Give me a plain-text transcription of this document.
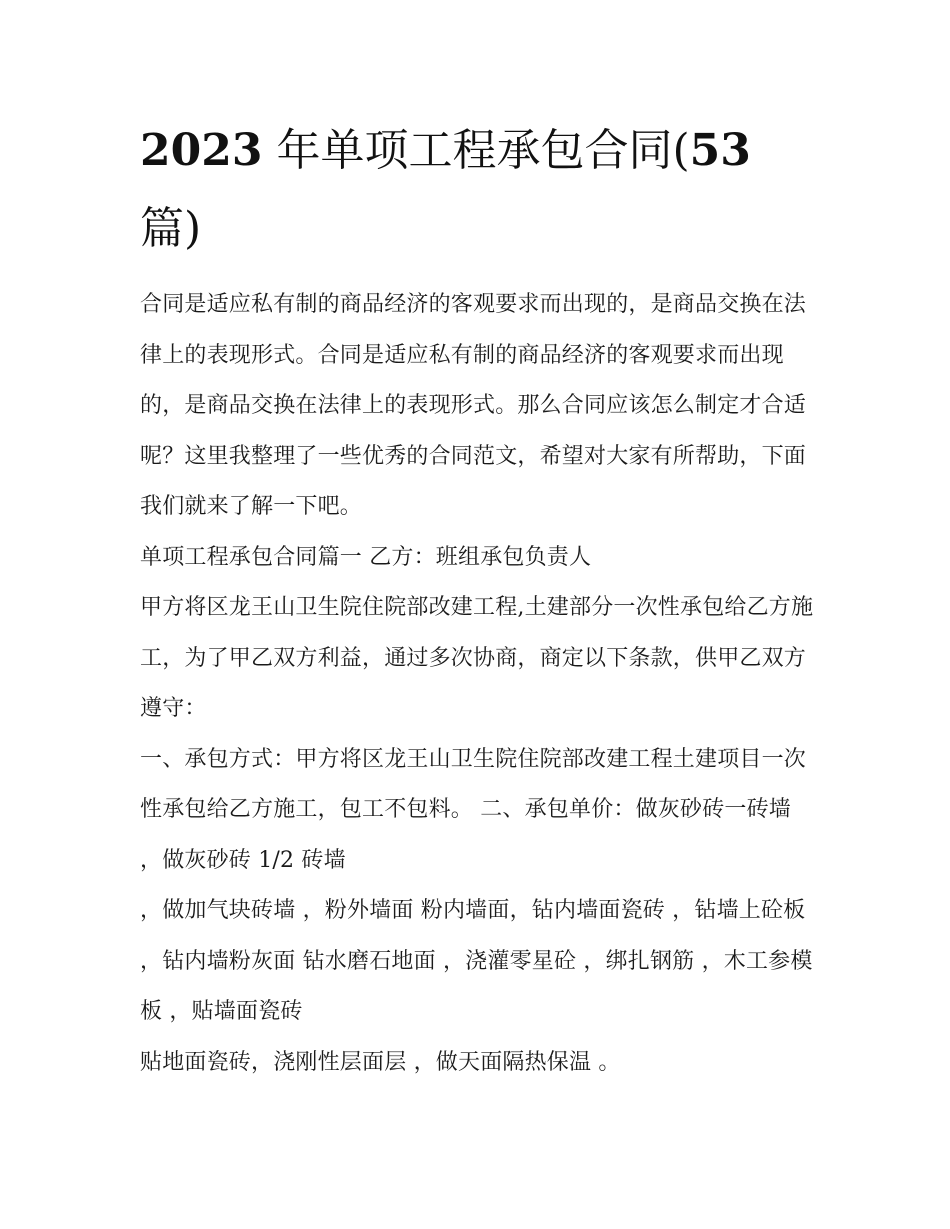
2023 年单项工程承包合同(53
篇)

合同是适应私有制的商品经济的客观要求而出现的，是商品交换在法律上的表现形式。合同是适应私有制的商品经济的客观要求而出现的，是商品交换在法律上的表现形式。那么合同应该怎么制定才合适呢？这里我整理了一些优秀的合同范文，希望对大家有所帮助，下面我们就来了解一下吧。

单项工程承包合同篇一 乙方：班组承包负责人

甲方将区龙王山卫生院住院部改建工程,土建部分一次性承包给乙方施工，为了甲乙双方利益，通过多次协商，商定以下条款，供甲乙双方遵守：

一、承包方式：甲方将区龙王山卫生院住院部改建工程土建项目一次性承包给乙方施工，包工不包料。 二、承包单价：做灰砂砖一砖墙 ，做灰砂砖 1/2 砖墙

，做加气块砖墙 ，粉外墙面 粉内墙面，钻内墙面瓷砖 ，钻墙上砼板 ，钻内墙粉灰面 钻水磨石地面 ，浇灌零星砼 ，绑扎钢筋 ，木工参模板 ，贴墙面瓷砖

贴地面瓷砖，浇刚性层面层 ，做天面隔热保温 。
